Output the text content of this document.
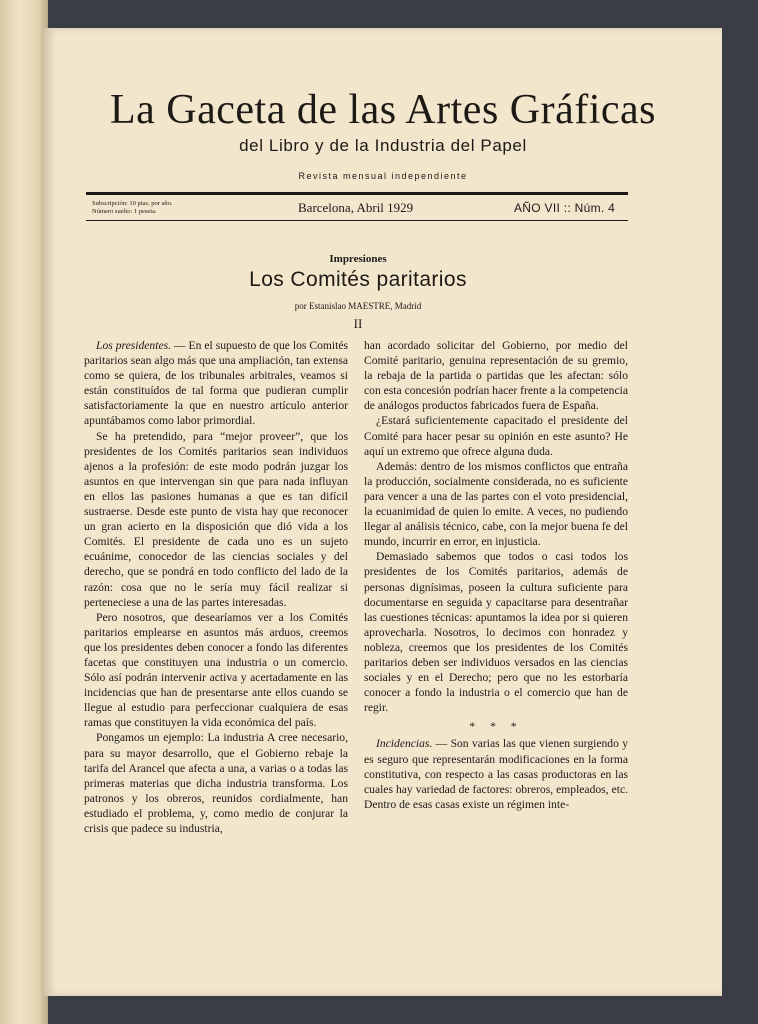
La Gaceta de las Artes Gráficas
del Libro y de la Industria del Papel
Revista mensual independiente
Subscripción: 10 ptas. por año.
Número suelto: 1 peseta.	Barcelona, Abril 1929	AÑO VII :: Núm. 4
Impresiones
Los Comités paritarios
por Estanislao MAESTRE, Madrid
II

Los presidentes. — En el supuesto de que los Comités paritarios sean algo más que una ampliación, tan extensa como se quiera, de los tribunales arbitrales, veamos si están constituídos de tal forma que pudieran cumplir satisfactoriamente la que en nuestro artículo anterior apuntábamos como labor primordial.

Se ha pretendido, para “mejor proveer”, que los presidentes de los Comités paritarios sean individuos ajenos a la profesión: de este modo podrán juzgar los asuntos en que intervengan sin que para nada influyan en ellos las pasiones humanas a que es tan difícil sustraerse. Desde este punto de vista hay que reconocer un gran acierto en la disposición que dió vida a los Comités. El presidente de cada uno es un sujeto ecuánime, conocedor de las ciencias sociales y del derecho, que se pondrá en todo conflicto del lado de la razón: cosa que no le sería muy fácil realizar si perteneciese a una de las partes interesadas.

Pero nosotros, que desearíamos ver a los Comités paritarios emplearse en asuntos más arduos, creemos que los presidentes deben conocer a fondo las diferentes facetas que constituyen una industria o un comercio. Sólo así podrán intervenir activa y acertadamente en las incidencias que han de presentarse ante ellos cuando se llegue al estudio para perfeccionar cualquiera de esas ramas que constituyen la vida económica del país.

Pongamos un ejemplo: La industria A cree necesario, para su mayor desarrollo, que el Gobierno rebaje la tarifa del Arancel que afecta a una, a varias o a todas las primeras materias que dicha industria transforma. Los patronos y los obreros, reunidos cordialmente, han estudiado el problema, y, como medio de conjurar la crisis que padece su industria,

han acordado solicitar del Gobierno, por medio del Comité paritario, genuina representación de su gremio, la rebaja de la partida o partidas que les afectan: sólo con esta concesión podrían hacer frente a la competencia de análogos productos fabricados fuera de España.

¿Estará suficientemente capacitado el presidente del Comité para hacer pesar su opinión en este asunto? He aquí un extremo que ofrece alguna duda.

Además: dentro de los mismos conflictos que entraña la producción, socialmente considerada, no es suficiente para vencer a una de las partes con el voto presidencial, la ecuanimidad de quien lo emite. A veces, no pudiendo llegar al análisis técnico, cabe, con la mejor buena fe del mundo, incurrir en error, en injusticia.

Demasiado sabemos que todos o casi todos los presidentes de los Comités paritarios, además de personas dignísimas, poseen la cultura suficiente para documentarse en seguida y capacitarse para desentrañar las cuestiones técnicas: apuntamos la idea por si quieren aprovecharla. Nosotros, lo decimos con honradez y nobleza, creemos que los presidentes de los Comités paritarios deben ser individuos versados en las ciencias sociales y en el Derecho; pero que no les estorbaría conocer a fondo la industria o el comercio que han de regir.

* * *

Incidencias. — Son varias las que vienen surgiendo y es seguro que representarán modificaciones en la forma constitutiva, con respecto a las casas productoras en las cuales hay variedad de factores: obreros, empleados, etc. Dentro de esas casas existe un régimen inte-
